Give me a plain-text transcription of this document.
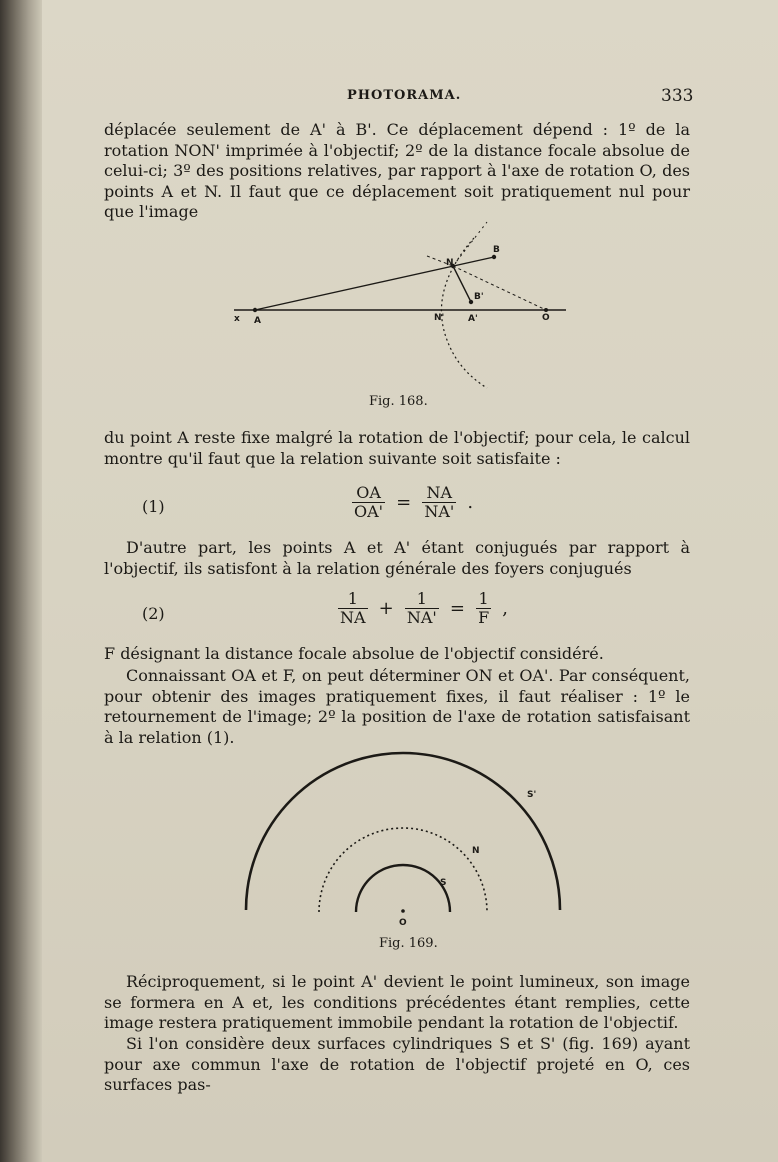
PHOTORAMA.	333

déplacée seulement de A' à B'. Ce déplacement dépend : 1º de la rotation NON' imprimée à l'objectif; 2º de la distance focale absolue de celui-ci; 3º des positions relatives, par rapport à l'axe de rotation O, des points A et N. Il faut que ce déplacement soit pratiquement nul pour que l'image

x A
N
N'	A'	O
B
B'
Fig. 168.

du point A reste fixe malgré la rotation de l'objectif; pour cela, le calcul montre qu'il faut que la relation suivante soit satisfaite :

(1)	$\frac{OA}{OA'} = \frac{NA}{NA'}$ .

D'autre part, les points A et A' étant conjugués par rapport à l'objectif, ils satisfont à la relation générale des foyers conjugués

(2)	$\frac{1}{NA} + \frac{1}{NA'} = \frac{1}{F}$ ,

F désignant la distance focale absolue de l'objectif considéré.

Connaissant OA et F, on peut déterminer ON et OA'. Par conséquent, pour obtenir des images pratiquement fixes, il faut réaliser : 1º le retournement de l'image; 2º la position de l'axe de rotation satisfaisant à la relation (1).

S'
N
S
O
Fig. 169.

Réciproquement, si le point A' devient le point lumineux, son image se formera en A et, les conditions précédentes étant remplies, cette image restera pratiquement immobile pendant la rotation de l'objectif.

Si l'on considère deux surfaces cylindriques S et S' (fig. 169) ayant pour axe commun l'axe de rotation de l'objectif projeté en O, ces surfaces pas-
